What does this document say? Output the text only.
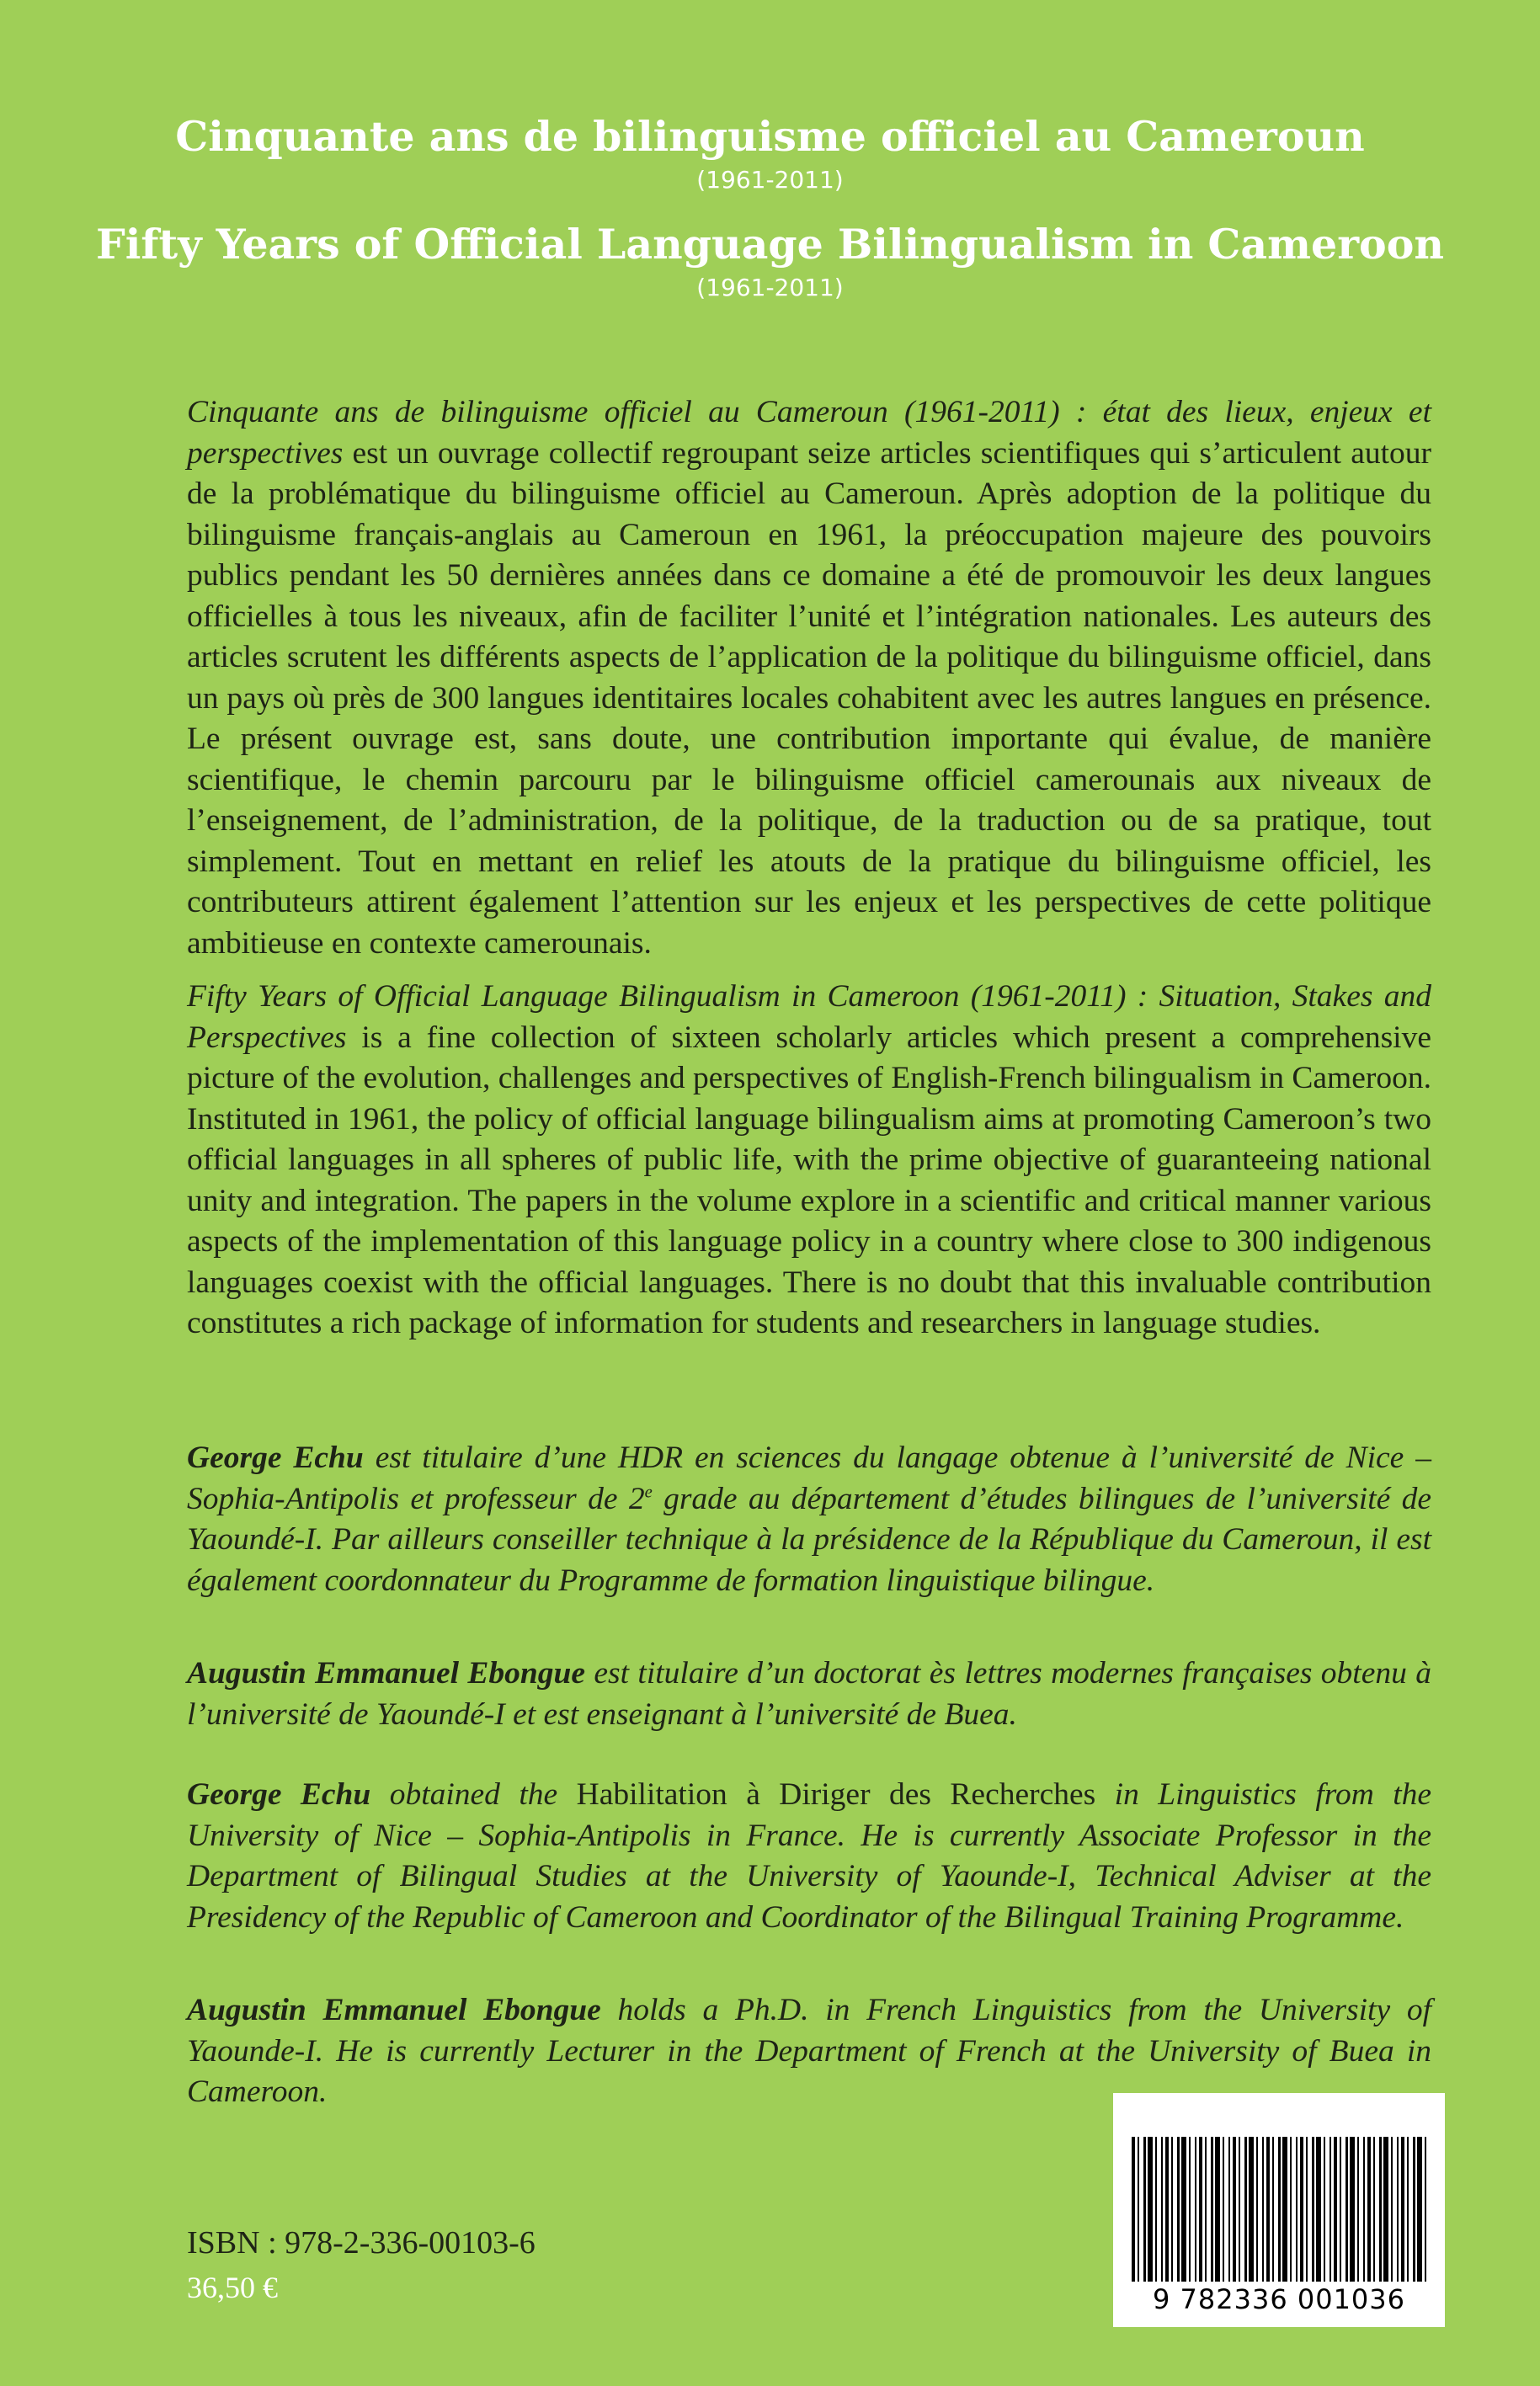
Cinquante ans de bilinguisme officiel au Cameroun
(1961-2011)
Fifty Years of Official Language Bilingualism in Cameroon
(1961-2011)
Cinquante ans de bilinguisme officiel au Cameroun (1961-2011) : état des lieux, enjeux et perspectives est un ouvrage collectif regroupant seize articles scientifiques qui s’articulent autour de la problématique du bilinguisme officiel au Cameroun. Après adoption de la politique du bilinguisme français-anglais au Cameroun en 1961, la préoccupation majeure des pouvoirs publics pendant les 50 dernières années dans ce domaine a été de promouvoir les deux langues officielles à tous les niveaux, afin de faciliter l’unité et l’intégration nationales. Les auteurs des articles scrutent les différents aspects de l’application de la politique du bilinguisme officiel, dans un pays où près de 300 langues identitaires locales cohabitent avec les autres langues en présence. Le présent ouvrage est, sans doute, une contribution importante qui évalue, de manière scientifique, le chemin parcouru par le bilinguisme officiel camerounais aux niveaux de l’enseignement, de l’administration, de la politique, de la traduction ou de sa pratique, tout simplement. Tout en mettant en relief les atouts de la pratique du bilinguisme officiel, les contributeurs attirent également l’attention sur les enjeux et les perspectives de cette politique ambitieuse en contexte camerounais.
Fifty Years of Official Language Bilingualism in Cameroon (1961-2011) : Situation, Stakes and Perspectives is a fine collection of sixteen scholarly articles which present a comprehensive picture of the evolution, challenges and perspectives of English-French bilingualism in Cameroon. Instituted in 1961, the policy of official language bilingualism aims at promoting Cameroon’s two official languages in all spheres of public life, with the prime objective of guaranteeing national unity and integration. The papers in the volume explore in a scientific and critical manner various aspects of the implementation of this language policy in a country where close to 300 indigenous languages coexist with the official languages. There is no doubt that this invaluable contribution constitutes a rich package of information for students and researchers in language studies.
George Echu est titulaire d’une HDR en sciences du langage obtenue à l’université de Nice – Sophia-Antipolis et professeur de 2e grade au département d’études bilingues de l’université de Yaoundé-I. Par ailleurs conseiller technique à la présidence de la République du Cameroun, il est également coordonnateur du Programme de formation linguistique bilingue.
Augustin Emmanuel Ebongue est titulaire d’un doctorat ès lettres modernes françaises obtenu à l’université de Yaoundé-I et est enseignant à l’université de Buea.
George Echu obtained the Habilitation à Diriger des Recherches in Linguistics from the University of Nice – Sophia-Antipolis in France. He is currently Associate Professor in the Department of Bilingual Studies at the University of Yaounde-I, Technical Adviser at the Presidency of the Republic of Cameroon and Coordinator of the Bilingual Training Programme.
Augustin Emmanuel Ebongue holds a Ph.D. in French Linguistics from the University of Yaounde-I. He is currently Lecturer in the Department of French at the University of Buea in Cameroon.
ISBN : 978-2-336-00103-6
36,50 €	9 782336 001036
